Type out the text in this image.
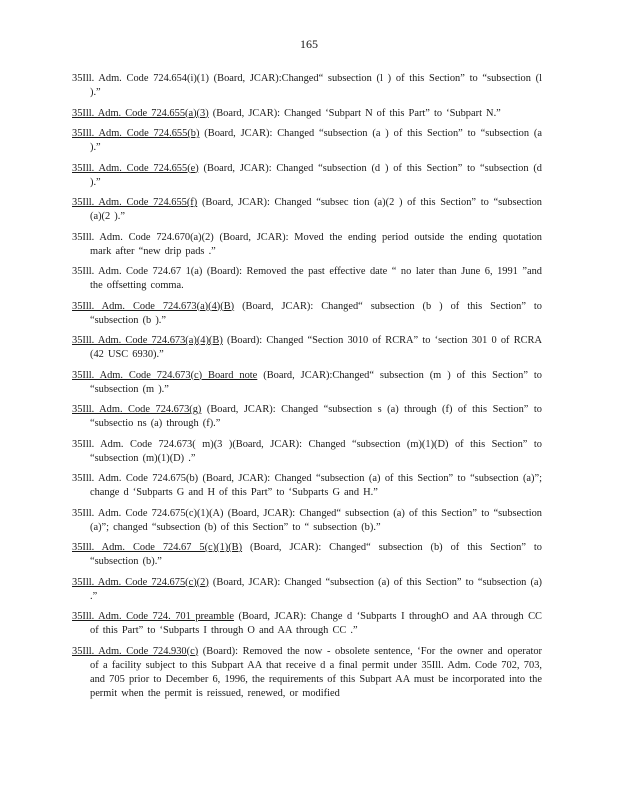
165

35Ill. Adm. Code 724.654(i)(1) (Board, JCAR):Changed“ subsection (l ) of this Section” to “subsection (l ).”

35Ill. Adm. Code 724.655(a)(3) (Board, JCAR): Changed ‘Subpart N of this Part” to ‘Subpart N.”

35Ill. Adm. Code 724.655(b) (Board, JCAR): Changed “subsection (a ) of this Section” to “subsection (a ).”

35Ill. Adm. Code 724.655(e) (Board, JCAR): Changed “subsection (d ) of this Section” to “subsection (d ).”

35Ill. Adm. Code 724.655(f) (Board, JCAR): Changed “subsec tion (a)(2 ) of this Section” to “subsection (a)(2 ).”

35Ill. Adm. Code 724.670(a)(2) (Board, JCAR): Moved the ending period outside the ending quotation mark after “new drip pads .”

35Ill. Adm. Code 724.67 1(a) (Board): Removed the past effective date “ no later than June 6, 1991 ”and the offsetting comma.

35Ill. Adm. Code 724.673(a)(4)(B) (Board, JCAR): Changed“ subsection (b ) of this Section” to “subsection (b ).”

35Ill. Adm. Code 724.673(a)(4)(B) (Board): Changed “Section 3010 of RCRA” to ‘section 301 0 of RCRA (42 USC 6930).”

35Ill. Adm. Code 724.673(c) Board note (Board, JCAR):Changed“ subsection (m ) of this Section” to “subsection (m ).”

35Ill. Adm. Code 724.673(g) (Board, JCAR): Changed “subsection s (a) through (f) of this Section” to “subsectio ns (a) through (f).”

35Ill. Adm. Code 724.673( m)(3 )(Board, JCAR): Changed “subsection (m)(1)(D) of this Section” to “subsection (m)(1)(D) .”

35Ill. Adm. Code 724.675(b) (Board, JCAR): Changed “subsection (a) of this Section” to “subsection (a)”; change d ‘Subparts G and H of this Part” to ‘Subparts G and H.”

35Ill. Adm. Code 724.675(c)(1)(A) (Board, JCAR): Changed“ subsection (a) of this Section” to “subsection (a)”; changed “subsection (b) of this Section” to “ subsection (b).”

35Ill. Adm. Code 724.67 5(c)(1)(B) (Board, JCAR): Changed“ subsection (b) of this Section” to “subsection (b).”

35Ill. Adm. Code 724.675(c)(2) (Board, JCAR): Changed “subsection (a) of this Section” to “subsection (a) .”

35Ill. Adm. Code 724. 701 preamble (Board, JCAR): Change d ‘Subparts I throughO and AA through CC of this Part” to ‘Subparts I through O and AA through CC .”

35Ill. Adm. Code 724.930(c) (Board): Removed the now - obsolete sentence, ‘For the owner and operator of a facility subject to this Subpart AA that receive d a final permit under 35Ill. Adm. Code 702, 703, and 705 prior to December 6, 1996, the requirements of this Subpart AA must be incorporated into the permit when the permit is reissued, renewed, or modified
